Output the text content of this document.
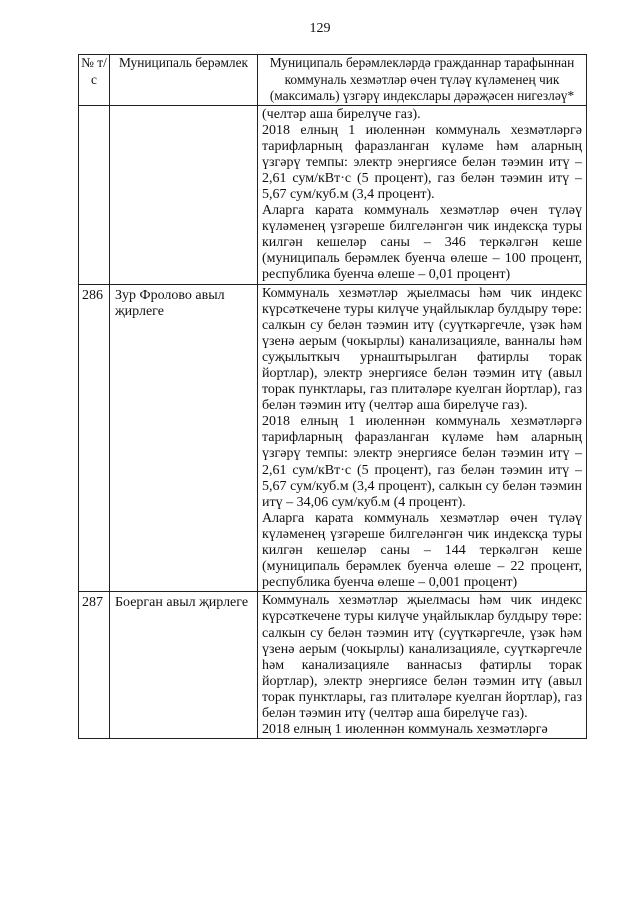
129
№ т/с	Муниципаль берәмлек	Муниципаль берәмлекләрдә гражданнар тарафыннан коммуналь хезмәтләр өчен түләү күләменең чик (максималь) үзгәрү индекслары дәрәҗәсен нигезләү*

		(челтәр аша бирелүче газ).

2018 елның 1 июленнән коммуналь хезмәтләргә тарифларның фаразланган күләме һәм аларның үзгәрү темпы: электр энергиясе белән тәэмин итү – 2,61 сум/кВт·с (5 процент), газ белән тәэмин итү – 5,67 сум/куб.м (3,4 процент).

Аларга карата коммуналь хезмәтләр өчен түләү күләменең үзгәреше билгеләнгән чик индексқа туры килгән кешеләр саны – 346 теркәлгән кеше (муниципаль берәмлек буенча өлеше – 100 процент, республика буенча өлеше – 0,01 процент)

286	Зур Фролово авыл җирлеге	Коммуналь хезмәтләр җыелмасы һәм чик индекс күрсәткечене туры килүче уңайлыклар булдыру төре: салкын су белән тәэмин итү (суүткәргечле, үзәк һәм үзенә аерым (чокырлы) канализацияле, ванналы һәм суҗылыткыч урнаштырылган фатирлы торак йортлар), электр энергиясе белән тәэмин итү (авыл торак пунктлары, газ плитәләре куелган йортлар), газ белән тәэмин итү (челтәр аша бирелүче газ).

2018 елның 1 июленнән коммуналь хезмәтләргә тарифларның фаразланган күләме һәм аларның үзгәрү темпы: электр энергиясе белән тәэмин итү – 2,61 сум/кВт·с (5 процент), газ белән тәэмин итү – 5,67 сум/куб.м (3,4 процент), салкын су белән тәэмин итү – 34,06 сум/куб.м (4 процент).

Аларга карата коммуналь хезмәтләр өчен түләү күләменең үзгәреше билгеләнгән чик индексқа туры килгән кешеләр саны – 144 теркәлгән кеше (муниципаль берәмлек буенча өлеше – 22 процент, республика буенча өлеше – 0,001 процент)

287	Боерган авыл җирлеге	Коммуналь хезмәтләр җыелмасы һәм чик индекс күрсәткечене туры килүче уңайлыклар булдыру төре: салкын су белән тәэмин итү (суүткәргечле, үзәк һәм үзенә аерым (чокырлы) канализацияле, суүткәргечле һәм канализацияле ваннасыз фатирлы торак йортлар), электр энергиясе белән тәэмин итү (авыл торак пунктлары, газ плитәләре куелган йортлар), газ белән тәэмин итү (челтәр аша бирелүче газ).

2018 елның 1 июленнән коммуналь хезмәтләргә
